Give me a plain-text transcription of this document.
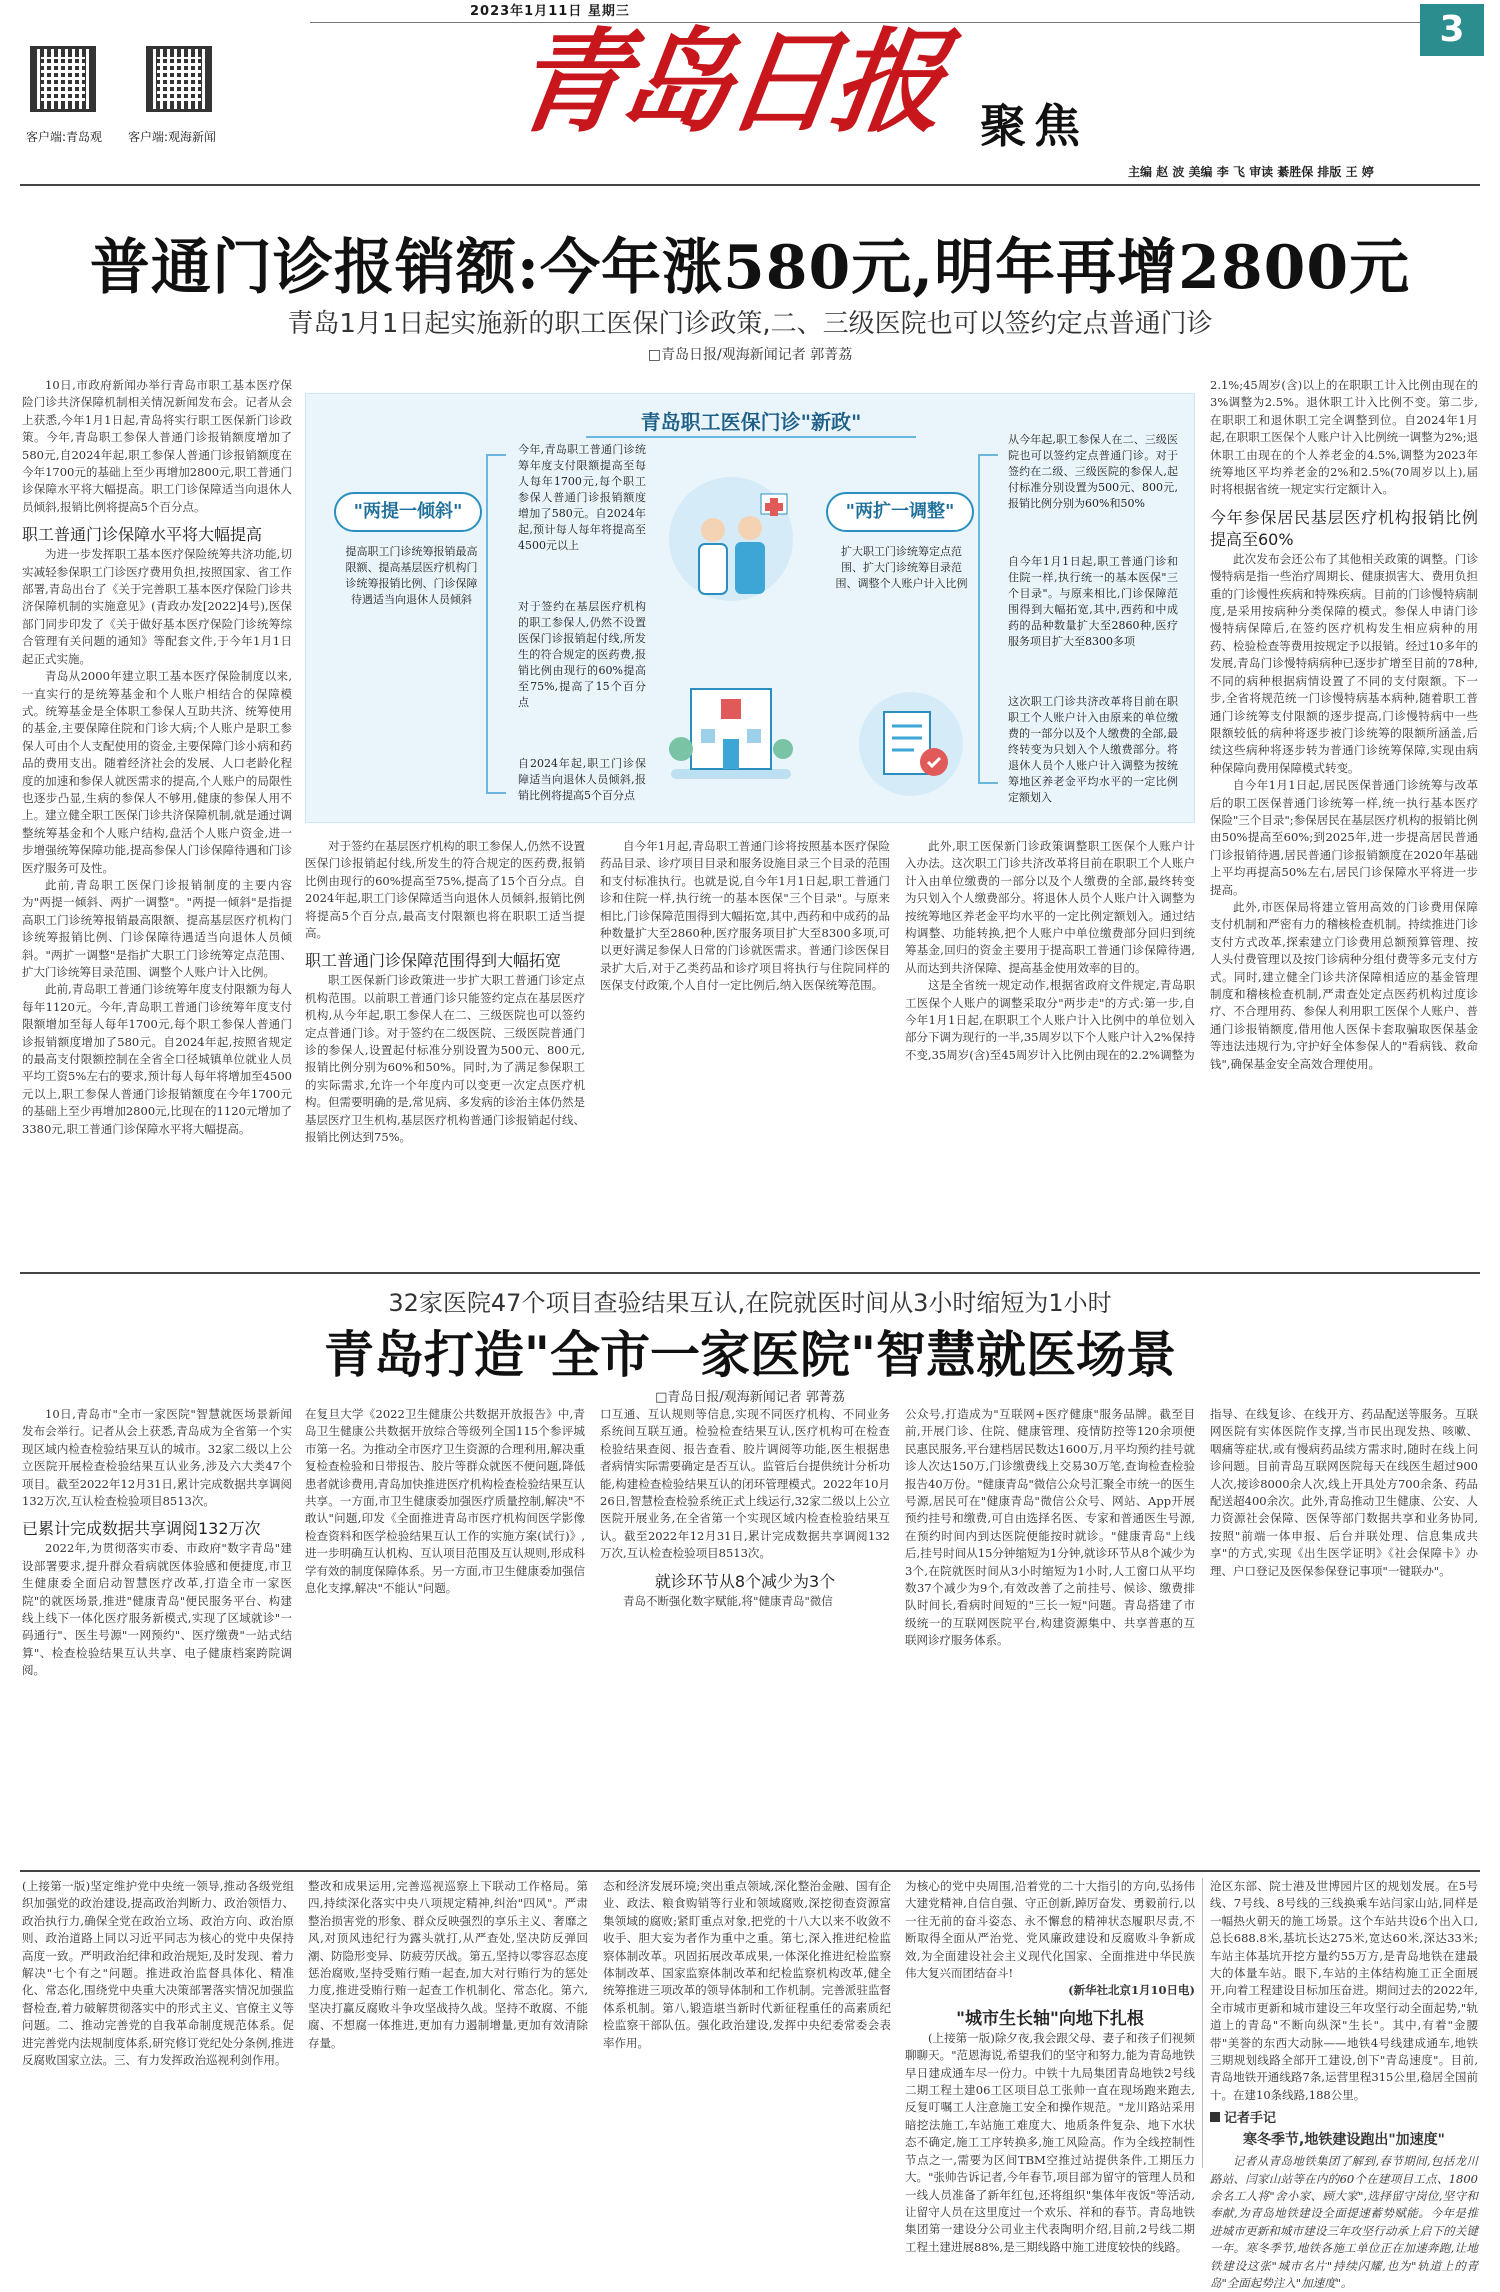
2023年1月11日 星期三	3
客户端:青岛观 客户端:观海新闻	青岛日报 聚焦
主编 赵 波 美编 李 飞 审读 綦胜保 排版 王 婷
普通门诊报销额:今年涨580元,明年再增2800元
青岛1月1日起实施新的职工医保门诊政策,二、三级医院也可以签约定点普通门诊
□青岛日报/观海新闻记者 郭菁荔

10日,市政府新闻办举行青岛市职工基本医疗保险门诊共济保障机制相关情况新闻发布会。记者从会上获悉,今年1月1日起,青岛将实行职工医保新门诊政策。今年,青岛职工参保人普通门诊报销额度增加了580元,自2024年起,职工参保人普通门诊报销额度在今年1700元的基础上至少再增加2800元,职工普通门诊保障水平将大幅提高。职工门诊保障适当向退休人员倾斜,报销比例将提高5个百分点。

职工普通门诊保障水平将大幅提高

为进一步发挥职工基本医疗保险统筹共济功能,切实减轻参保职工门诊医疗费用负担,按照国家、省工作部署,青岛出台了《关于完善职工基本医疗保险门诊共济保障机制的实施意见》(青政办发[2022]4号),医保部门同步印发了《关于做好基本医疗保险门诊统筹综合管理有关问题的通知》等配套文件,于今年1月1日起正式实施。

青岛从2000年建立职工基本医疗保险制度以来,一直实行的是统筹基金和个人账户相结合的保障模式。统筹基金是全体职工参保人互助共济、统筹使用的基金,主要保障住院和门诊大病;个人账户是职工参保人可由个人支配使用的资金,主要保障门诊小病和药品的费用支出。随着经济社会的发展、人口老龄化程度的加速和参保人就医需求的提高,个人账户的局限性也逐步凸显,生病的参保人不够用,健康的参保人用不上。建立健全职工医保门诊共济保障机制,就是通过调整统筹基金和个人账户结构,盘活个人账户资金,进一步增强统筹保障功能,提高参保人门诊保障待遇和门诊医疗服务可及性。

此前,青岛职工医保门诊报销制度的主要内容为"两提一倾斜、两扩一调整"。"两提一倾斜"是指提高职工门诊统筹报销最高限额、提高基层医疗机构门诊统筹报销比例、门诊保障待遇适当向退休人员倾斜。"两扩一调整"是指扩大职工门诊统筹定点范围、扩大门诊统筹目录范围、调整个人账户计入比例。

此前,青岛职工普通门诊统筹年度支付限额为每人每年1120元。今年,青岛职工普通门诊统筹年度支付限额增加至每人每年1700元,每个职工参保人普通门诊报销额度增加了580元。自2024年起,按照省规定的最高支付限额控制在全省全口径城镇单位就业人员平均工资5%左右的要求,预计每人每年将增加至4500元以上,职工参保人普通门诊报销额度在今年1700元的基础上至少再增加2800元,比现在的1120元增加了3380元,职工普通门诊保障水平将大幅提高。

对于签约在基层医疗机构的职工参保人,仍然不设置医保门诊报销起付线,所发生的符合规定的医药费,报销比例由现行的60%提高至75%,提高了15个百分点。自2024年起,职工门诊保障适当向退休人员倾斜,报销比例将提高5个百分点,最高支付限额也将在职职工适当提高。

职工普通门诊保障范围得到大幅拓宽

职工医保新门诊政策进一步扩大职工普通门诊定点机构范围。以前职工普通门诊只能签约定点在基层医疗机构,从今年起,职工参保人在二、三级医院也可以签约定点普通门诊。对于签约在二级医院、三级医院普通门诊的参保人,设置起付标准分别设置为500元、800元,报销比例分别为60%和50%。同时,为了满足参保职工的实际需求,允许一个年度内可以变更一次定点医疗机构。但需要明确的是,常见病、多发病的诊治主体仍然是基层医疗卫生机构,基层医疗机构普通门诊报销起付线、报销比例达到75%。

自今年1月起,青岛职工普通门诊将按照基本医疗保险药品目录、诊疗项目目录和服务设施目录三个目录的范围和支付标准执行。也就是说,自今年1月1日起,职工普通门诊和住院一样,执行统一的基本医保"三个目录"。与原来相比,门诊保障范围得到大幅拓宽,其中,西药和中成药的品种数量扩大至2860种,医疗服务项目扩大至8300多项,可以更好满足参保人日常的门诊就医需求。普通门诊医保目录扩大后,对于乙类药品和诊疗项目将执行与住院同样的医保支付政策,个人自付一定比例后,纳入医保统筹范围。

此外,职工医保新门诊政策调整职工医保个人账户计入办法。这次职工门诊共济改革将目前在职职工个人账户计入由单位缴费的一部分以及个人缴费的全部,最终转变为只划入个人缴费部分。将退休人员个人账户计入调整为按统筹地区养老金平均水平的一定比例定额划入。通过结构调整、功能转换,把个人账户中单位缴费部分回归到统筹基金,回归的资金主要用于提高职工普通门诊保障待遇,从而达到共济保障、提高基金使用效率的目的。

这是全省统一规定动作,根据省政府文件规定,青岛职工医保个人账户的调整采取分"两步走"的方式:第一步,自今年1月1日起,在职职工个人账户计入比例中的单位划入部分下调为现行的一半,35周岁以下个人账户计入2%保持不变,35周岁(含)至45周岁计入比例由现在的2.2%调整为

2.1%;45周岁(含)以上的在职职工计入比例由现在的3%调整为2.5%。退休职工计入比例不变。第二步,在职职工和退休职工完全调整到位。自2024年1月起,在职职工医保个人账户计入比例统一调整为2%;退休职工由现在的个人养老金的4.5%,调整为2023年统筹地区平均养老金的2%和2.5%(70周岁以上),届时将根据省统一规定实行定额计入。

今年参保居民基层医疗机构报销比例提高至60%

此次发布会还公布了其他相关政策的调整。门诊慢特病是指一些治疗周期长、健康损害大、费用负担重的门诊慢性疾病和特殊疾病。目前的门诊慢特病制度,是采用按病种分类保障的模式。参保人申请门诊慢特病保障后,在签约医疗机构发生相应病种的用药、检验检查等费用按规定予以报销。经过10多年的发展,青岛门诊慢特病病种已逐步扩增至目前的78种,不同的病种根据病情设置了不同的支付限额。下一步,全省将规范统一门诊慢特病基本病种,随着职工普通门诊统筹支付限额的逐步提高,门诊慢特病中一些限额较低的病种将逐步被门诊统筹的限额所涵盖,后续这些病种将逐步转为普通门诊统筹保障,实现由病种保障向费用保障模式转变。

自今年1月1日起,居民医保普通门诊统筹与改革后的职工医保普通门诊统筹一样,统一执行基本医疗保险"三个目录";参保居民在基层医疗机构的报销比例由50%提高至60%;到2025年,进一步提高居民普通门诊报销待遇,居民普通门诊报销额度在2020年基础上平均再提高50%左右,居民门诊保障水平将进一步提高。

此外,市医保局将建立管用高效的门诊费用保障支付机制和严密有力的稽核检查机制。持续推进门诊支付方式改革,探索建立门诊费用总额预算管理、按人头付费管理以及按门诊病种分组付费等多元支付方式。同时,建立健全门诊共济保障相适应的基金管理制度和稽核检查机制,严肃查处定点医药机构过度诊疗、不合理用药、参保人利用职工医保个人账户、普通门诊报销额度,借用他人医保卡套取骗取医保基金等违法违规行为,守护好全体参保人的"看病钱、救命钱",确保基金安全高效合理使用。

青岛职工医保门诊"新政"
"两提一倾斜"
提高职工门诊统筹报销最高限额、提高基层医疗机构门诊统筹报销比例、门诊保障待遇适当向退休人员倾斜
今年,青岛职工普通门诊统筹年度支付限额提高至每人每年1700元,每个职工参保人普通门诊报销额度增加了580元。自2024年起,预计每人每年将提高至4500元以上
对于签约在基层医疗机构的职工参保人,仍然不设置医保门诊报销起付线,所发生的符合规定的医药费,报销比例由现行的60%提高至75%,提高了15个百分点
自2024年起,职工门诊保障适当向退休人员倾斜,报销比例将提高5个百分点
"两扩一调整"
扩大职工门诊统筹定点范围、扩大门诊统筹目录范围、调整个人账户计入比例
从今年起,职工参保人在二、三级医院也可以签约定点普通门诊。对于签约在二级、三级医院的参保人,起付标准分别设置为500元、800元,报销比例分别为60%和50%
自今年1月1日起,职工普通门诊和住院一样,执行统一的基本医保"三个目录"。与原来相比,门诊保障范围得到大幅拓宽,其中,西药和中成药的品种数量扩大至2860种,医疗服务项目扩大至8300多项
这次职工门诊共济改革将目前在职职工个人账户计入由原来的单位缴费的一部分以及个人缴费的全部,最终转变为只划入个人缴费部分。将退休人员个人账户计入调整为按统筹地区养老金平均水平的一定比例定额划入
32家医院47个项目查验结果互认,在院就医时间从3小时缩短为1小时
青岛打造"全市一家医院"智慧就医场景
□青岛日报/观海新闻记者 郭菁荔

10日,青岛市"全市一家医院"智慧就医场景新闻发布会举行。记者从会上获悉,青岛成为全省第一个实现区域内检查检验结果互认的城市。32家二级以上公立医院开展检查检验结果互认业务,涉及六大类47个项目。截至2022年12月31日,累计完成数据共享调阅132万次,互认检查检验项目8513次。

已累计完成数据共享调阅132万次

2022年,为贯彻落实市委、市政府"数字青岛"建设部署要求,提升群众看病就医体验感和便捷度,市卫生健康委全面启动智慧医疗改革,打造全市一家医院"的就医场景,推进"健康青岛"便民服务平台、构建线上线下一体化医疗服务新模式,实现了区域就诊"一码通行"、医生号源"一网预约"、医疗缴费"一站式结算"、检查检验结果互认共享、电子健康档案跨院调阅。

在复旦大学《2022卫生健康公共数据开放报告》中,青岛卫生健康公共数据开放综合等级列全国115个参评城市第一名。为推动全市医疗卫生资源的合理利用,解决重复检查检验和日带报告、胶片等群众就医不便问题,降低患者就诊费用,青岛加快推进医疗机构检查检验结果互认共享。一方面,市卫生健康委加强医疗质量控制,解决"不敢认"问题,印发《全面推进青岛市医疗机构间医学影像检查资料和医学检验结果互认工作的实施方案(试行)》,进一步明确互认机构、互认项目范围及互认规则,形成科学有效的制度保障体系。另一方面,市卫生健康委加强信息化支撑,解决"不能认"问题。

口互通、互认规则等信息,实现不同医疗机构、不同业务系统间互联互通。检验检查结果互认,医疗机构可在检查检验结果查阅、报告查看、胶片调阅等功能,医生根据患者病情实际需要确定是否互认。监管后台提供统计分析功能,构建检查检验结果互认的闭环管理模式。2022年10月26日,智慧检查检验系统正式上线运行,32家二级以上公立医院开展业务,在全省第一个实现区域内检查检验结果互认。截至2022年12月31日,累计完成数据共享调阅132万次,互认检查检验项目8513次。

就诊环节从8个减少为3个

青岛不断强化数字赋能,将"健康青岛"微信

公众号,打造成为"互联网+医疗健康"服务品牌。截至目前,开展门诊、住院、健康管理、疫情防控等120余项便民惠民服务,平台建档居民数达1600万,月平均预约挂号就诊人次达150万,门诊缴费线上交易30万笔,查询检查检验报告40万份。"健康青岛"微信公众号汇聚全市统一的医生号源,居民可在"健康青岛"微信公众号、网站、App开展预约挂号和缴费,可自由选择名医、专家和普通医生号源,在预约时间内到达医院便能按时就诊。"健康青岛"上线后,挂号时间从15分钟缩短为1分钟,就诊环节从8个减少为3个,在院就医时间从3小时缩短为1小时,人工窗口从平均数37个减少为9个,有效改善了之前挂号、候诊、缴费排队时间长,看病时间短的"三长一短"问题。青岛搭建了市级统一的互联网医院平台,构建资源集中、共享普惠的互联网诊疗服务体系。

指导、在线复诊、在线开方、药品配送等服务。互联网医院有实体医院作支撑,当市民出现发热、咳嗽、咽痛等症状,或有慢病药品续方需求时,随时在线上问诊问题。目前青岛互联网医院每天在线医生超过900人次,接诊8000余人次,线上开具处方700余条、药品配送超400余次。此外,青岛推动卫生健康、公安、人力资源社会保障、医保等部门数据共享和业务协同,按照"前端一体申报、后台并联处理、信息集成共享"的方式,实现《出生医学证明》《社会保障卡》办理、户口登记及医保参保登记事项"一键联办"。

(上接第一版)坚定维护党中央统一领导,推动各级党组织加强党的政治建设,提高政治判断力、政治领悟力、政治执行力,确保全党在政治立场、政治方向、政治原则、政治道路上同以习近平同志为核心的党中央保持高度一致。严明政治纪律和政治规矩,及时发现、着力解决"七个有之"问题。推进政治监督具体化、精准化、常态化,围绕党中央重大决策部署落实情况加强监督检查,着力破解贯彻落实中的形式主义、官僚主义等问题。二、推动完善党的自我革命制度规范体系。促进完善党内法规制度体系,研究修订党纪处分条例,推进反腐败国家立法。三、有力发挥政治巡视利剑作用。

整改和成果运用,完善巡视巡察上下联动工作格局。第四,持续深化落实中央八项规定精神,纠治"四风"。严肃整治损害党的形象、群众反映强烈的享乐主义、奢靡之风,对顶风违纪行为露头就打,从严查处,坚决防反弹回潮、防隐形变异、防疲劳厌战。第五,坚持以零容忍态度惩治腐败,坚持受贿行贿一起查,加大对行贿行为的惩处力度,推进受贿行贿一起查工作机制化、常态化。第六,坚决打赢反腐败斗争攻坚战持久战。坚持不敢腐、不能腐、不想腐一体推进,更加有力遏制增量,更加有效清除存量。

态和经济发展环境;突出重点领域,深化整治金融、国有企业、政法、粮食购销等行业和领域腐败,深挖彻查资源富集领域的腐败;紧盯重点对象,把党的十八大以来不收敛不收手、胆大妄为者作为重中之重。第七,深入推进纪检监察体制改革。巩固拓展改革成果,一体深化推进纪检监察体制改革、国家监察体制改革和纪检监察机构改革,健全统筹推进三项改革的领导体制和工作机制。完善派驻监督体系机制。第八,锻造堪当新时代新征程重任的高素质纪检监察干部队伍。强化政治建设,发挥中央纪委常委会表率作用。

为核心的党中央周围,沿着党的二十大指引的方向,弘扬伟大建党精神,自信自强、守正创新,踔厉奋发、勇毅前行,以一往无前的奋斗姿态、永不懈怠的精神状态履职尽责,不断取得全面从严治党、党风廉政建设和反腐败斗争新成效,为全面建设社会主义现代化国家、全面推进中华民族伟大复兴而团结奋斗!

(新华社北京1月10日电)

"城市生长轴"向地下扎根

(上接第一版)除夕夜,我会跟父母、妻子和孩子们视频聊聊天。"范恩海说,希望我们的坚守和努力,能为青岛地铁早日建成通车尽一份力。中铁十九局集团青岛地铁2号线二期工程土建06工区项目总工张帅一直在现场跑来跑去,反复叮嘱工人注意施工安全和操作规范。"龙川路站采用暗挖法施工,车站施工难度大、地质条件复杂、地下水状态不确定,施工工序转换多,施工风险高。作为全线控制性节点之一,需要为区间TBM空推过站提供条件,工期压力大。"张帅告诉记者,今年春节,项目部为留守的管理人员和一线人员准备了新年红包,还将组织"集体年夜饭"等活动,让留守人员在这里度过一个欢乐、祥和的春节。青岛地铁集团第一建设分公司业主代表陶明介绍,目前,2号线二期工程土建进展88%,是三期线路中施工进度较快的线路。

沧区东部、院士港及世博园片区的规划发展。在5号线、7号线、8号线的三线换乘车站闫家山站,同样是一幅热火朝天的施工场景。这个车站共设6个出入口,总长688.8米,基坑长达275米,宽达60米,深达33米;车站主体基坑开挖方量约55万方,是青岛地铁在建最大的体量车站。眼下,车站的主体结构施工正全面展开,向着工程建设目标加压奋进。期间过去的2022年,全市城市更新和城市建设三年攻坚行动全面起势,"轨道上的青岛"不断向纵深"生长"。其中,有着"金腰带"美誉的东西大动脉——地铁4号线建成通车,地铁三期规划线路全部开工建设,创下"青岛速度"。目前,青岛地铁开通线路7条,运营里程315公里,稳居全国前十。在建10条线路,188公里。

记者手记
寒冬季节,地铁建设跑出"加速度"

记者从青岛地铁集团了解到,春节期间,包括龙川路站、闫家山站等在内的60个在建项目工点、1800余名工人将"舍小家、顾大家",选择留守岗位,坚守和奉献,为青岛地铁建设全面提速蓄势赋能。今年是推进城市更新和城市建设三年攻坚行动承上启下的关键一年。寒冬季节,地铁各施工单位正在加速奔跑,让地铁建设这张"城市名片"持续闪耀,也为"轨道上的青岛"全面起势注入"加速度"。
